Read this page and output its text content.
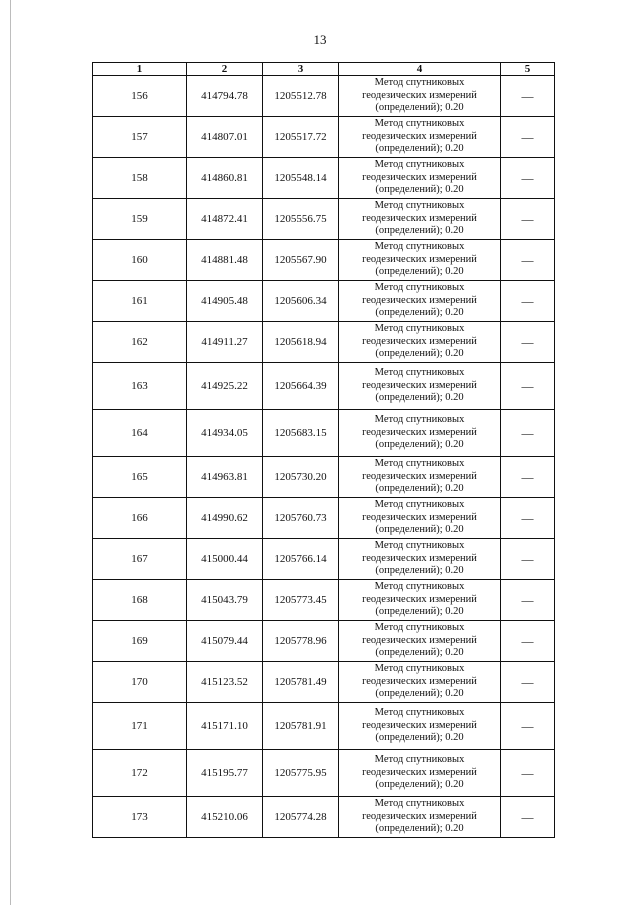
13
1	2	3	4	5
156	414794.78	1205512.78	Метод спутниковых
геодезических измерений
(определений); 0.20	—
157	414807.01	1205517.72	Метод спутниковых
геодезических измерений
(определений); 0.20	—
158	414860.81	1205548.14	Метод спутниковых
геодезических измерений
(определений); 0.20	—
159	414872.41	1205556.75	Метод спутниковых
геодезических измерений
(определений); 0.20	—
160	414881.48	1205567.90	Метод спутниковых
геодезических измерений
(определений); 0.20	—
161	414905.48	1205606.34	Метод спутниковых
геодезических измерений
(определений); 0.20	—
162	414911.27	1205618.94	Метод спутниковых
геодезических измерений
(определений); 0.20	—
163	414925.22	1205664.39	Метод спутниковых
геодезических измерений
(определений); 0.20	—
164	414934.05	1205683.15	Метод спутниковых
геодезических измерений
(определений); 0.20	—
165	414963.81	1205730.20	Метод спутниковых
геодезических измерений
(определений); 0.20	—
166	414990.62	1205760.73	Метод спутниковых
геодезических измерений
(определений); 0.20	—
167	415000.44	1205766.14	Метод спутниковых
геодезических измерений
(определений); 0.20	—
168	415043.79	1205773.45	Метод спутниковых
геодезических измерений
(определений); 0.20	—
169	415079.44	1205778.96	Метод спутниковых
геодезических измерений
(определений); 0.20	—
170	415123.52	1205781.49	Метод спутниковых
геодезических измерений
(определений); 0.20	—
171	415171.10	1205781.91	Метод спутниковых
геодезических измерений
(определений); 0.20	—
172	415195.77	1205775.95	Метод спутниковых
геодезических измерений
(определений); 0.20	—
173	415210.06	1205774.28	Метод спутниковых
геодезических измерений
(определений); 0.20	—
